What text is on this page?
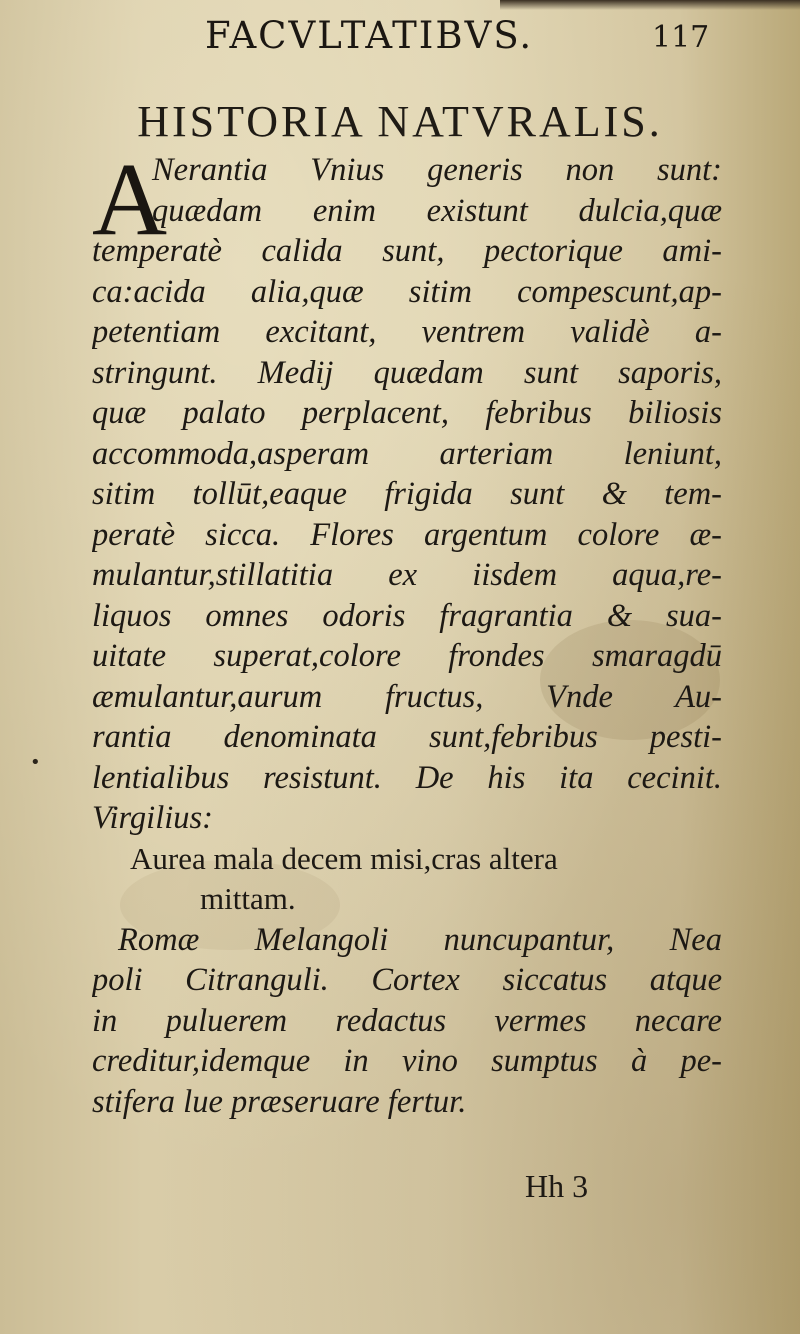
FACVLTATIBVS.	117
HISTORIA NATVRALIS.
A
Nerantia Vnius generis non sunt:
quædam enim existunt dulcia,quæ
temperatè calida sunt, pectorique ami-
ca:acida alia,quæ sitim compescunt,ap-
petentiam excitant, ventrem validè a-
stringunt. Medij quædam sunt saporis,
quæ palato perplacent, febribus biliosis
accommoda,asperam arteriam leniunt,
sitim tollūt,eaque frigida sunt & tem-
peratè sicca. Flores argentum colore æ-
mulantur,stillatitia ex iisdem aqua,re-
liquos omnes odoris fragrantia & sua-
uitate superat,colore frondes smaragdū
æmulantur,aurum fructus, Vnde Au-
rantia denominata sunt,febribus pesti-
lentialibus resistunt. De his ita cecinit.
Virgilius:
Aurea mala decem misi,cras altera
mittam.
Romæ Melangoli nuncupantur, Nea
poli Citranguli. Cortex siccatus atque
in puluerem redactus vermes necare
creditur,idemque in vino sumptus à pe-
stifera lue præseruare fertur.
•
Hh 3
